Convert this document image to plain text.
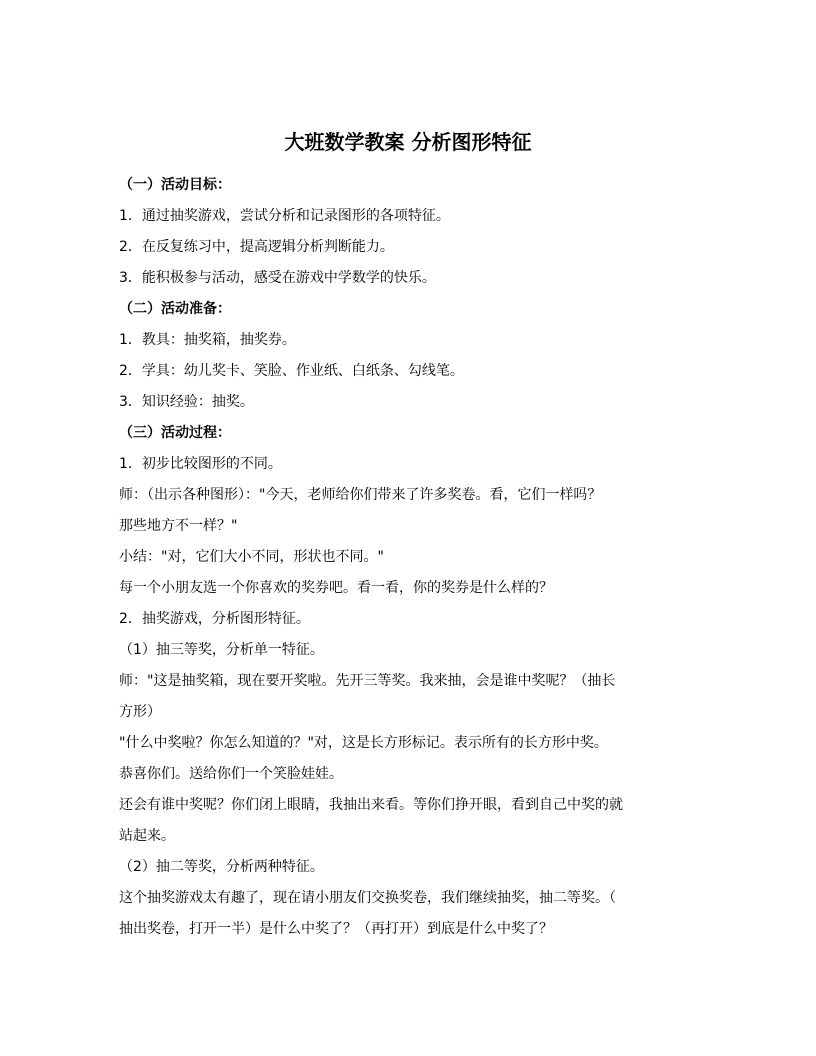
大班数学教案 分析图形特征
（一）活动目标：
1．通过抽奖游戏，尝试分析和记录图形的各项特征。
2．在反复练习中，提高逻辑分析判断能力。
3．能积极参与活动，感受在游戏中学数学的快乐。
（二）活动准备：
1．教具：抽奖箱，抽奖券。
2．学具：幼儿奖卡、笑脸、作业纸、白纸条、勾线笔。
3．知识经验：抽奖。
（三）活动过程：
1．初步比较图形的不同。
师：（出示各种图形）："今天，老师给你们带来了许多奖卷。看，它们一样吗？
那些地方不一样？"
小结："对，它们大小不同，形状也不同。"
每一个小朋友选一个你喜欢的奖券吧。看一看，你的奖券是什么样的？
2．抽奖游戏，分析图形特征。
（1）抽三等奖，分析单一特征。
师："这是抽奖箱，现在要开奖啦。先开三等奖。我来抽，会是谁中奖呢？（抽长
方形）
"什么中奖啦？你怎么知道的？"对，这是长方形标记。表示所有的长方形中奖。
恭喜你们。送给你们一个笑脸娃娃。
还会有谁中奖呢？你们闭上眼睛，我抽出来看。等你们挣开眼，看到自己中奖的就
站起来。
（2）抽二等奖，分析两种特征。
这个抽奖游戏太有趣了，现在请小朋友们交换奖卷，我们继续抽奖，抽二等奖。（
抽出奖卷，打开一半）是什么中奖了？（再打开）到底是什么中奖了？
